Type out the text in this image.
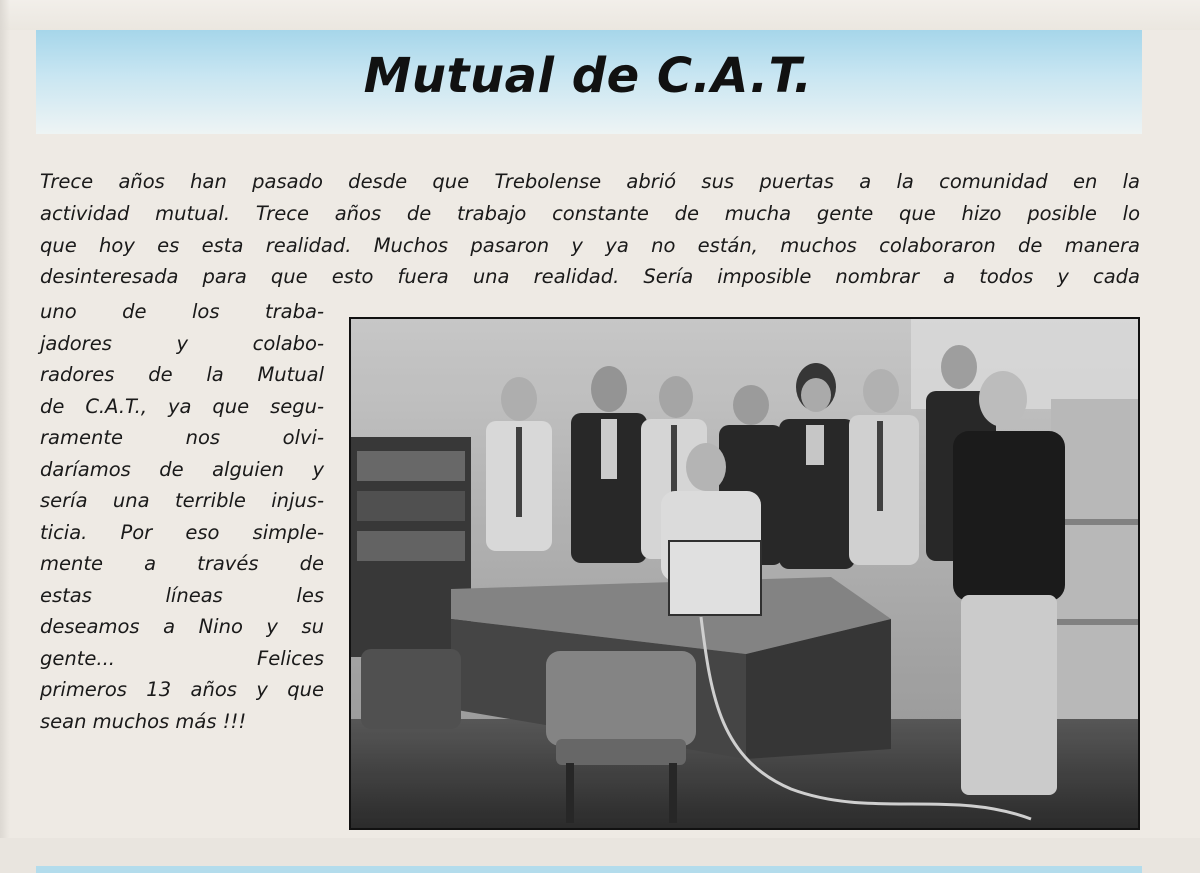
Mutual de C.A.T.

Trece años han pasado desde que Trebolense abrió sus puertas a la comunidad en la
actividad mutual. Trece años de trabajo constante de mucha gente que hizo posible lo
que hoy es esta realidad. Muchos pasaron y ya no están, muchos colaboraron de manera
desinteresada para que esto fuera una realidad. Sería imposible nombrar a todos y cada

uno de los traba-
jadores y colabo-
radores de la Mutual
de C.A.T., ya que segu-
ramente nos olvi-
daríamos de alguien y
sería una terrible injus-
ticia. Por eso simple-
mente a través de
estas líneas les
deseamos a Nino y su
gente... Felices
primeros 13 años y que
sean muchos más !!!
